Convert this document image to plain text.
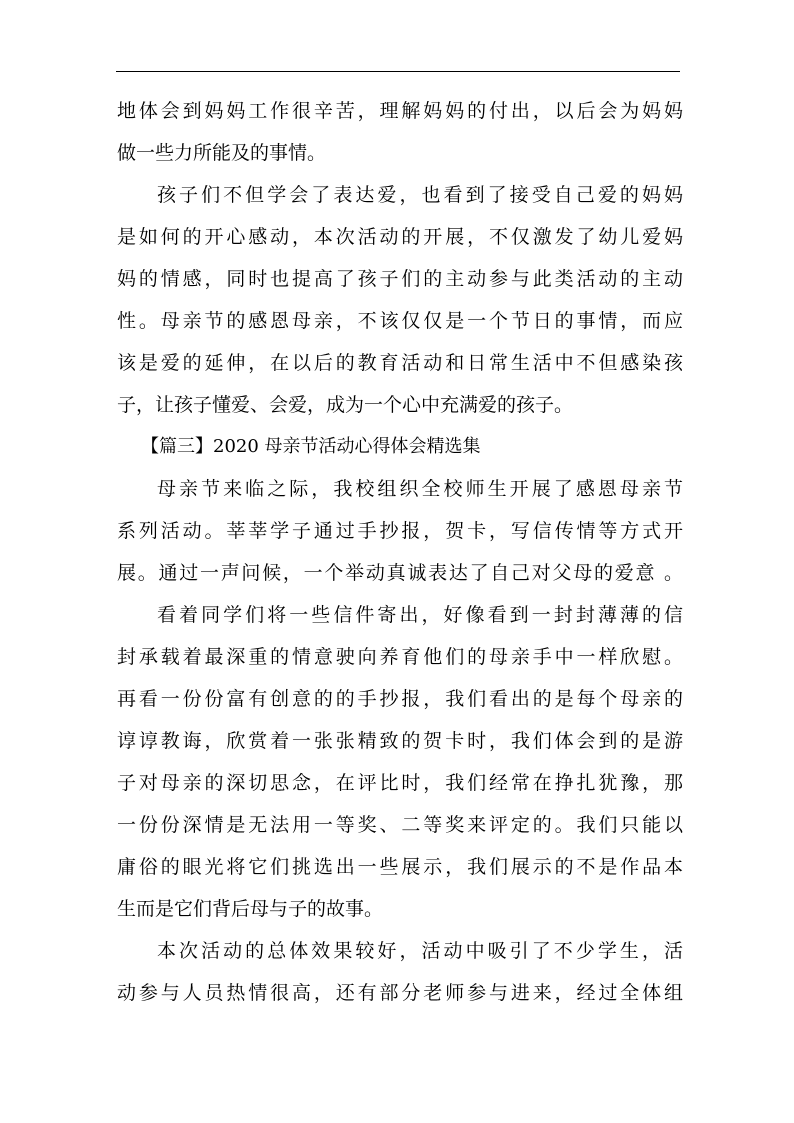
地体会到妈妈工作很辛苦，理解妈妈的付出，以后会为妈妈
做一些力所能及的事情。
孩子们不但学会了表达爱，也看到了接受自己爱的妈妈
是如何的开心感动，本次活动的开展，不仅激发了幼儿爱妈
妈的情感，同时也提高了孩子们的主动参与此类活动的主动
性。母亲节的感恩母亲，不该仅仅是一个节日的事情，而应
该是爱的延伸，在以后的教育活动和日常生活中不但感染孩
子，让孩子懂爱、会爱，成为一个心中充满爱的孩子。
【篇三】2020 母亲节活动心得体会精选集
母亲节来临之际，我校组织全校师生开展了感恩母亲节
系列活动。莘莘学子通过手抄报，贺卡，写信传情等方式开
展。通过一声问候，一个举动真诚表达了自己对父母的爱意 。
看着同学们将一些信件寄出，好像看到一封封薄薄的信
封承载着最深重的情意驶向养育他们的母亲手中一样欣慰。
再看一份份富有创意的的手抄报，我们看出的是每个母亲的
谆谆教诲，欣赏着一张张精致的贺卡时，我们体会到的是游
子对母亲的深切思念，在评比时，我们经常在挣扎犹豫，那
一份份深情是无法用一等奖、二等奖来评定的。我们只能以
庸俗的眼光将它们挑选出一些展示，我们展示的不是作品本
生而是它们背后母与子的故事。
本次活动的总体效果较好，活动中吸引了不少学生，活
动参与人员热情很高，还有部分老师参与进来，经过全体组
